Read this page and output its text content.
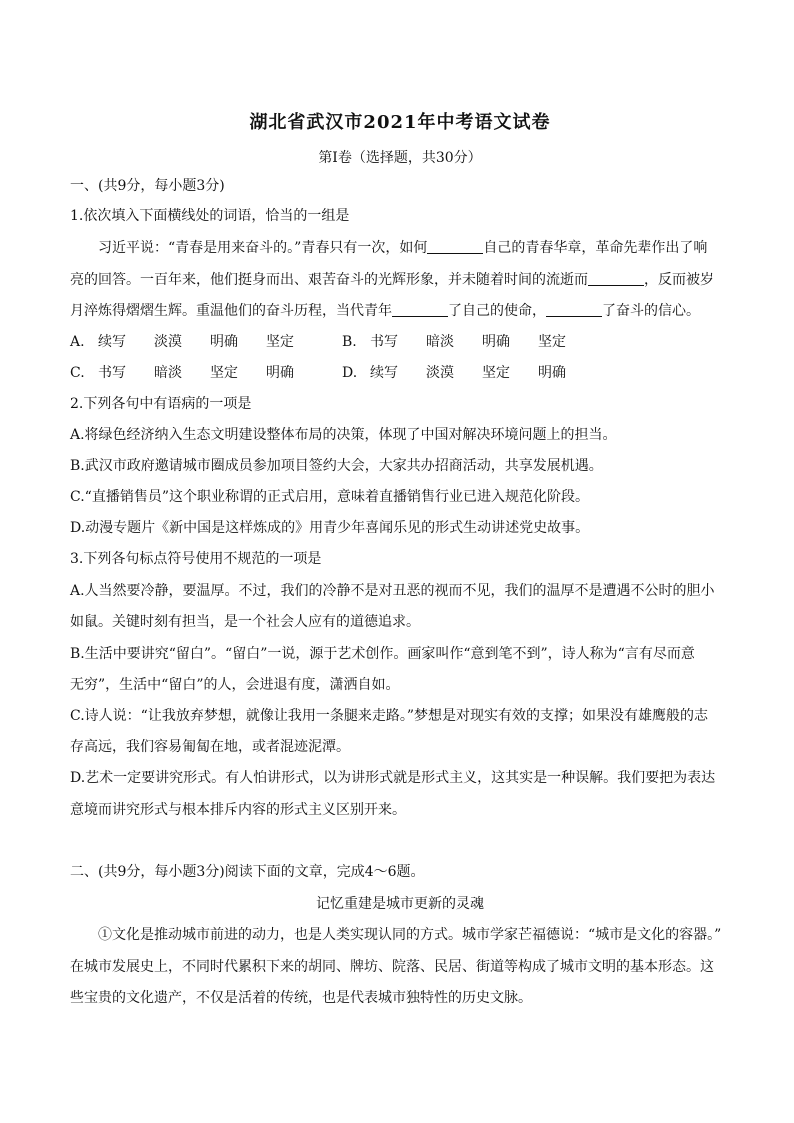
湖北省武汉市2021年中考语文试卷
第Ⅰ卷（选择题，共30分）
一、(共9分，每小题3分)
1.依次填入下面横线处的词语，恰当的一组是
习近平说：“青春是用来奋斗的。”青春只有一次，如何	自己的青春华章，革命先辈作出了响
亮的回答。一百年来，他们挺身而出、艰苦奋斗的光辉形象，并未随着时间的流逝而	，反而被岁
月淬炼得熠熠生辉。重温他们的奋斗历程，当代青年	了自己的使命，	了奋斗的信心。
A. 续写 淡漠 明确 坚定	B. 书写 暗淡 明确 坚定
C. 书写 暗淡 坚定 明确	D. 续写 淡漠 坚定 明确
2.下列各句中有语病的一项是
A.将绿色经济纳入生态文明建设整体布局的决策，体现了中国对解决环境问题上的担当。
B.武汉市政府邀请城市圈成员参加项目签约大会，大家共办招商活动，共享发展机遇。
C.“直播销售员”这个职业称谓的正式启用，意味着直播销售行业已进入规范化阶段。
D.动漫专题片《新中国是这样炼成的》用青少年喜闻乐见的形式生动讲述党史故事。
3.下列各句标点符号使用不规范的一项是
A.人当然要冷静，要温厚。不过，我们的冷静不是对丑恶的视而不见，我们的温厚不是遭遇不公时的胆小
如鼠。关键时刻有担当，是一个社会人应有的道德追求。
B.生活中要讲究“留白”。“留白”一说，源于艺术创作。画家叫作“意到笔不到”，诗人称为“言有尽而意
无穷”，生活中“留白”的人，会进退有度，潇洒自如。
C.诗人说：“让我放弃梦想，就像让我用一条腿来走路。”梦想是对现实有效的支撑；如果没有雄鹰般的志
存高远，我们容易匍匐在地，或者混迹泥潭。
D.艺术一定要讲究形式。有人怕讲形式，以为讲形式就是形式主义，这其实是一种误解。我们要把为表达
意境而讲究形式与根本排斥内容的形式主义区别开来。
二、(共9分，每小题3分)阅读下面的文章，完成4～6题。
记忆重建是城市更新的灵魂
①文化是推动城市前进的动力，也是人类实现认同的方式。城市学家芒福德说：“城市是文化的容器。”
在城市发展史上，不同时代累积下来的胡同、牌坊、院落、民居、街道等构成了城市文明的基本形态。这
些宝贵的文化遗产，不仅是活着的传统，也是代表城市独特性的历史文脉。
